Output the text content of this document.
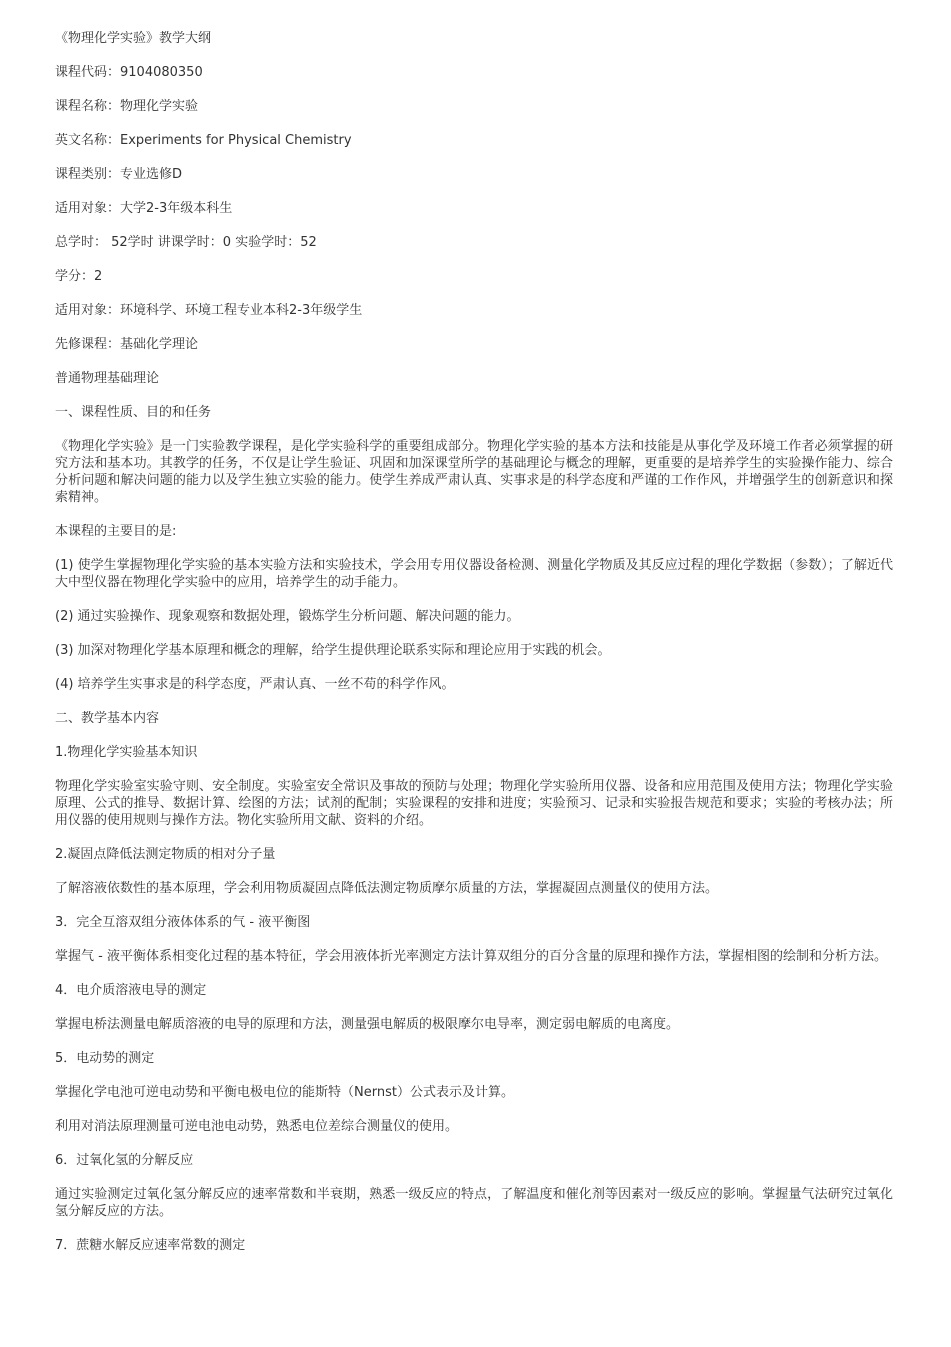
《物理化学实验》教学大纲

课程代码：9104080350

课程名称：物理化学实验

英文名称：Experiments for Physical Chemistry

课程类别：专业选修D

适用对象：大学2-3年级本科生

总学时： 52学时 讲课学时：0 实验学时：52

学分：2

适用对象：环境科学、环境工程专业本科2-3年级学生

先修课程：基础化学理论

普通物理基础理论

一、课程性质、目的和任务

《物理化学实验》是一门实验教学课程，是化学实验科学的重要组成部分。物理化学实验的基本方法和技能是从事化学及环境工作者必须掌握的研究方法和基本功。其教学的任务，不仅是让学生验证、巩固和加深课堂所学的基础理论与概念的理解，更重要的是培养学生的实验操作能力、综合分析问题和解决问题的能力以及学生独立实验的能力。使学生养成严肃认真、实事求是的科学态度和严谨的工作作风，并增强学生的创新意识和探索精神。

本课程的主要目的是:

(1) 使学生掌握物理化学实验的基本实验方法和实验技术，学会用专用仪器设备检测、测量化学物质及其反应过程的理化学数据（参数）；了解近代大中型仪器在物理化学实验中的应用，培养学生的动手能力。

(2) 通过实验操作、现象观察和数据处理，锻炼学生分析问题、解决问题的能力。

(3) 加深对物理化学基本原理和概念的理解，给学生提供理论联系实际和理论应用于实践的机会。

(4) 培养学生实事求是的科学态度，严肃认真、一丝不苟的科学作风。

二、教学基本内容

1.物理化学实验基本知识

物理化学实验室实验守则、安全制度。实验室安全常识及事故的预防与处理；物理化学实验所用仪器、设备和应用范围及使用方法；物理化学实验原理、公式的推导、数据计算、绘图的方法；试剂的配制；实验课程的安排和进度；实验预习、记录和实验报告规范和要求；实验的考核办法；所用仪器的使用规则与操作方法。物化实验所用文献、资料的介绍。

2.凝固点降低法测定物质的相对分子量

了解溶液依数性的基本原理，学会利用物质凝固点降低法测定物质摩尔质量的方法，掌握凝固点测量仪的使用方法。

3．完全互溶双组分液体体系的气 - 液平衡图

掌握气 - 液平衡体系相变化过程的基本特征，学会用液体折光率测定方法计算双组分的百分含量的原理和操作方法，掌握相图的绘制和分析方法。

4．电介质溶液电导的测定

掌握电桥法测量电解质溶液的电导的原理和方法，测量强电解质的极限摩尔电导率，测定弱电解质的电离度。

5．电动势的测定

掌握化学电池可逆电动势和平衡电极电位的能斯特（Nernst）公式表示及计算。

利用对消法原理测量可逆电池电动势，熟悉电位差综合测量仪的使用。

6．过氧化氢的分解反应

通过实验测定过氧化氢分解反应的速率常数和半衰期，熟悉一级反应的特点，了解温度和催化剂等因素对一级反应的影响。掌握量气法研究过氧化氢分解反应的方法。

7．蔗糖水解反应速率常数的测定
